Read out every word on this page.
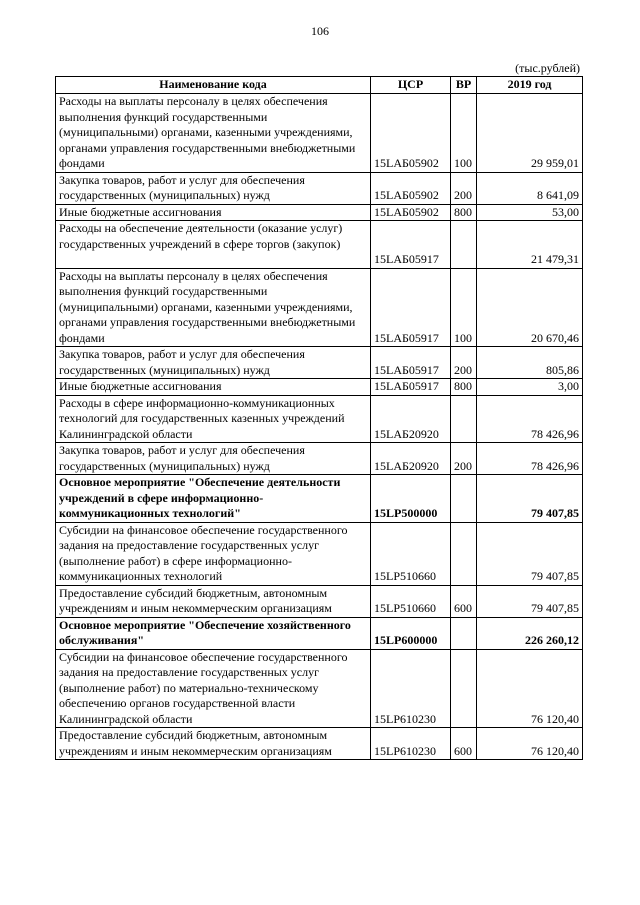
106
(тыс.рублей)
Наименование кода	ЦСР	ВР	2019 год
Расходы на выплаты персоналу в целях обеспечения выполнения функций государственными (муниципальными) органами, казенными учреждениями, органами управления государственными внебюджетными фондами	15LАБ05902	100	29 959,01
Закупка товаров, работ и услуг для обеспечения государственных (муниципальных) нужд	15LАБ05902	200	8 641,09
Иные бюджетные ассигнования	15LАБ05902	800	53,00
Расходы на обеспечение деятельности (оказание услуг) государственных учреждений в сфере торгов (закупок)	15LАБ05917		21 479,31
Расходы на выплаты персоналу в целях обеспечения выполнения функций государственными (муниципальными) органами, казенными учреждениями, органами управления государственными внебюджетными фондами	15LАБ05917	100	20 670,46
Закупка товаров, работ и услуг для обеспечения государственных (муниципальных) нужд	15LАБ05917	200	805,86
Иные бюджетные ассигнования	15LАБ05917	800	3,00
Расходы в сфере информационно-коммуникационных технологий для государственных казенных учреждений Калининградской области	15LАБ20920		78 426,96
Закупка товаров, работ и услуг для обеспечения государственных (муниципальных) нужд	15LАБ20920	200	78 426,96
Основное мероприятие "Обеспечение деятельности учреждений в сфере информационно-коммуникационных технологий"	15LP500000		79 407,85
Субсидии на финансовое обеспечение государственного задания на предоставление государственных услуг (выполнение работ) в сфере информационно-коммуникационных технологий	15LP510660		79 407,85
Предоставление субсидий бюджетным, автономным учреждениям и иным некоммерческим организациям	15LP510660	600	79 407,85
Основное мероприятие "Обеспечение хозяйственного обслуживания"	15LP600000		226 260,12
Субсидии на финансовое обеспечение государственного задания на предоставление государственных услуг (выполнение работ) по материально-техническому обеспечению органов государственной власти Калининградской области	15LP610230		76 120,40
Предоставление субсидий бюджетным, автономным учреждениям и иным некоммерческим организациям	15LP610230	600	76 120,40
